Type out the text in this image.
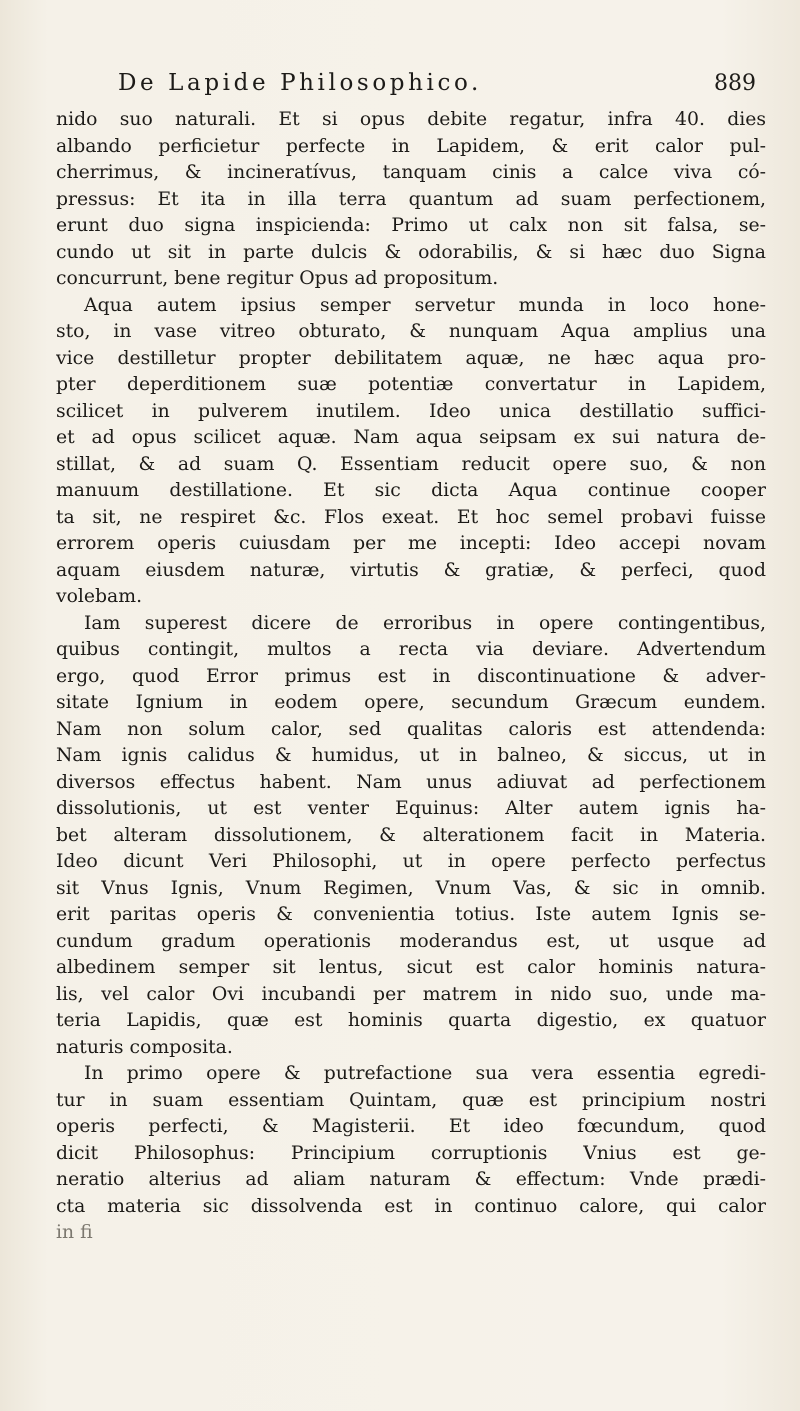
De Lapide Philosophico.	889
nido suo naturali. Et si opus debite regatur, infra 40. dies
albando perficietur perfecte in Lapidem, & erit calor pul-
cherrimus, & incineratívus, tanquam cinis a calce viva có-
pressus: Et ita in illa terra quantum ad suam perfectionem,
erunt duo signa inspicienda: Primo ut calx non sit falsa, se-
cundo ut sit in parte dulcis & odorabilis, & si hæc duo Signa
concurrunt, bene regitur Opus ad propositum.
Aqua autem ipsius semper servetur munda in loco hone-
sto, in vase vitreo obturato, & nunquam Aqua amplius una
vice destilletur propter debilitatem aquæ, ne hæc aqua pro-
pter deperditionem suæ potentiæ convertatur in Lapidem,
scilicet in pulverem inutilem. Ideo unica destillatio suffici-
et ad opus scilicet aquæ. Nam aqua seipsam ex sui natura de-
stillat, & ad suam Q. Essentiam reducit opere suo, & non
manuum destillatione. Et sic dicta Aqua continue cooper
ta sit, ne respiret &c. Flos exeat. Et hoc semel probavi fuisse
errorem operis cuiusdam per me incepti: Ideo accepi novam
aquam eiusdem naturæ, virtutis & gratiæ, & perfeci, quod
volebam.
Iam superest dicere de erroribus in opere contingentibus,
quibus contingit, multos a recta via deviare. Advertendum
ergo, quod Error primus est in discontinuatione & adver-
sitate Ignium in eodem opere, secundum Græcum eundem.
Nam non solum calor, sed qualitas caloris est attendenda:
Nam ignis calidus & humidus, ut in balneo, & siccus, ut in
diversos effectus habent. Nam unus adiuvat ad perfectionem
dissolutionis, ut est venter Equinus: Alter autem ignis ha-
bet alteram dissolutionem, & alterationem facit in Materia.
Ideo dicunt Veri Philosophi, ut in opere perfecto perfectus
sit Vnus Ignis, Vnum Regimen, Vnum Vas, & sic in omnib.
erit paritas operis & convenientia totius. Iste autem Ignis se-
cundum gradum operationis moderandus est, ut usque ad
albedinem semper sit lentus, sicut est calor hominis natura-
lis, vel calor Ovi incubandi per matrem in nido suo, unde ma-
teria Lapidis, quæ est hominis quarta digestio, ex quatuor
naturis composita.
In primo opere & putrefactione sua vera essentia egredi-
tur in suam essentiam Quintam, quæ est principium nostri
operis perfecti, & Magisterii. Et ideo fœcundum, quod
dicit Philosophus: Principium corruptionis Vnius est ge-
neratio alterius ad aliam naturam & effectum: Vnde prædi-
cta materia sic dissolvenda est in continuo calore, qui calor
in fi
